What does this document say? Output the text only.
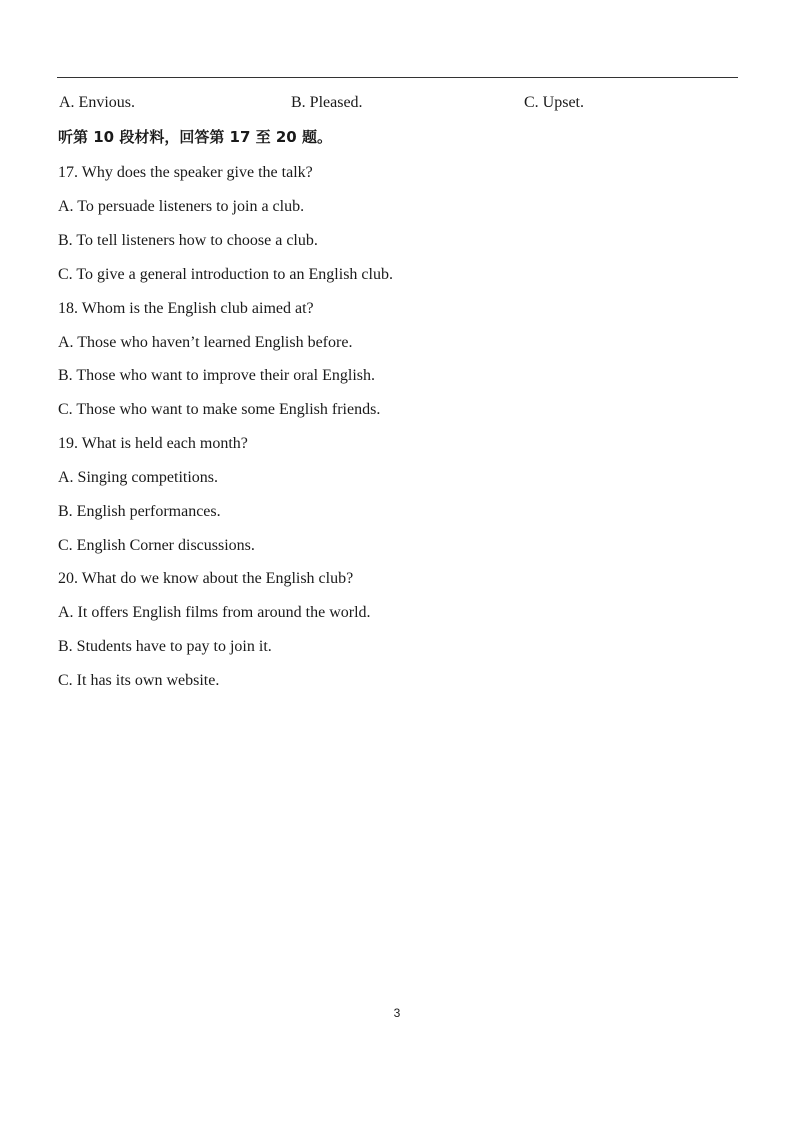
A. Envious.	B. Pleased.	C. Upset.
听第 10 段材料，回答第 17 至 20 题。
17. Why does the speaker give the talk?
A. To persuade listeners to join a club.
B. To tell listeners how to choose a club.
C. To give a general introduction to an English club.
18. Whom is the English club aimed at?
A. Those who haven’t learned English before.
B. Those who want to improve their oral English.
C. Those who want to make some English friends.
19. What is held each month?
A. Singing competitions.
B. English performances.
C. English Corner discussions.
20. What do we know about the English club?
A. It offers English films from around the world.
B. Students have to pay to join it.
C. It has its own website.
3
